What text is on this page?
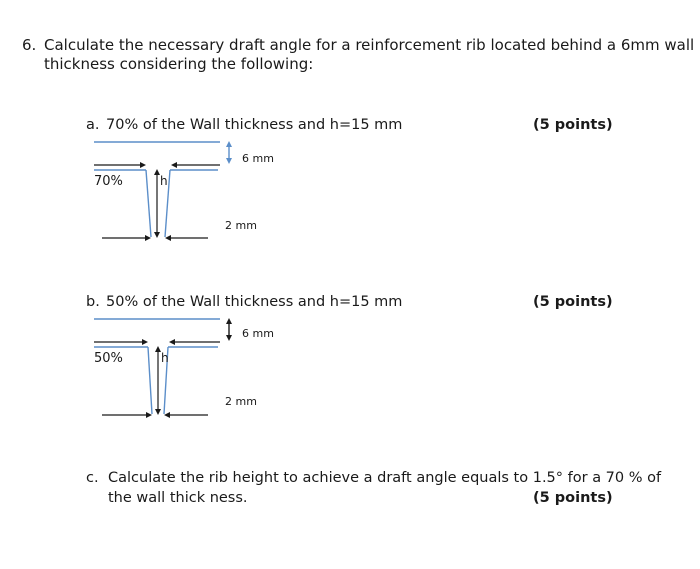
6. Calculate the necessary draft angle for a reinforcement rib located behind a 6mm wall
thickness considering the following:
a. 70% of the Wall thickness and h=15 mm	(5 points)
70%	h
6 mm
2 mm
b. 50% of the Wall thickness and h=15 mm	(5 points)
50%	h
6 mm
2 mm
c. Calculate the rib height to achieve a draft angle equals to 1.5° for a 70 % of
the wall thick ness.	(5 points)
